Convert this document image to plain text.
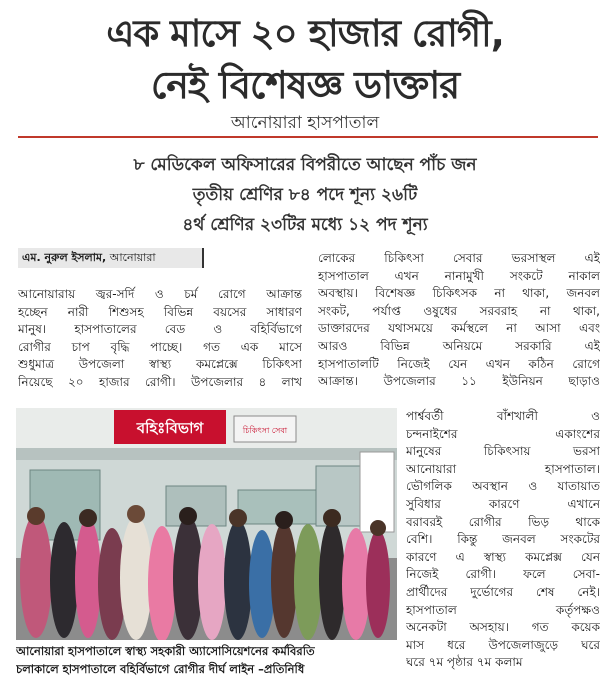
এক মাসে ২০ হাজার রোগী,
নেই বিশেষজ্ঞ ডাক্তার
আনোয়ারা হাসপাতাল
৮ মেডিকেল অফিসারের বিপরীতে আছেন পাঁচ জন
তৃতীয় শ্রেণির ৮৪ পদে শূন্য ২৬টি
৪র্থ শ্রেণির ২৩টির মধ্যে ১২ পদ শূন্য
এম. নুরুল ইসলাম, আনোয়ারা
আনোয়ারায় জ্বর-সর্দি ও চর্ম রোগে আক্রান্ত
হচ্ছেন নারী শিশুসহ বিভিন্ন বয়সের সাধারণ
মানুষ। হাসপাতালের বেড ও বহির্বিভাগে
রোগীর চাপ বৃদ্ধি পাচ্ছে। গত এক মাসে
শুধুমাত্র উপজেলা স্বাস্থ্য কমপ্লেক্সে চিকিৎসা
নিয়েছে ২০ হাজার রোগী। উপজেলার ৪ লাখ
লোকের চিকিৎসা সেবার ভরসাস্থল এই
হাসপাতাল এখন নানামুখী সংকটে নাকাল
অবস্থায়। বিশেষজ্ঞ চিকিৎসক না থাকা, জনবল
সংকট, পর্যাপ্ত ওষুধের সরবরাহ না থাকা,
ডাক্তারদের যথাসময়ে কর্মস্থলে না আসা এবং
আরও বিভিন্ন অনিয়মে সরকারি এই
হাসপাতালটি নিজেই যেন এখন কঠিন রোগে
আক্রান্ত। উপজেলার ১১ ইউনিয়ন ছাড়াও
পার্শ্ববর্তী বাঁশখালী ও
চন্দনাইশের একাংশের
মানুষের চিকিৎসায় ভরসা
আনোয়ারা হাসপাতাল।
ভৌগলিক অবস্থান ও যাতায়াত
সুবিধার কারণে এখানে
বরাবরই রোগীর ভিড় থাকে
বেশি। কিন্তু জনবল সংকটের
কারণে এ স্বাস্থ্য কমপ্লেক্স যেন
নিজেই রোগী। ফলে সেবা-
প্রার্থীদের দুর্ভোগের শেষ নেই।
হাসপাতাল কর্তৃপক্ষও
অনেকটা অসহায়। গত কয়েক
মাস ধরে উপজেলাজুড়ে ঘরে
ঘরে ৭ম পৃষ্ঠার ৭ম কলাম
বহিঃবিভাগ	চিকিৎসা সেবা
আনোয়ারা হাসপাতালে স্বাস্থ্য সহকারী অ্যাসোসিয়েশনের কর্মবিরতি
চলাকালে হাসপাতালে বহির্বিভাগে রোগীর দীর্ঘ লাইন –প্রতিনিধি
